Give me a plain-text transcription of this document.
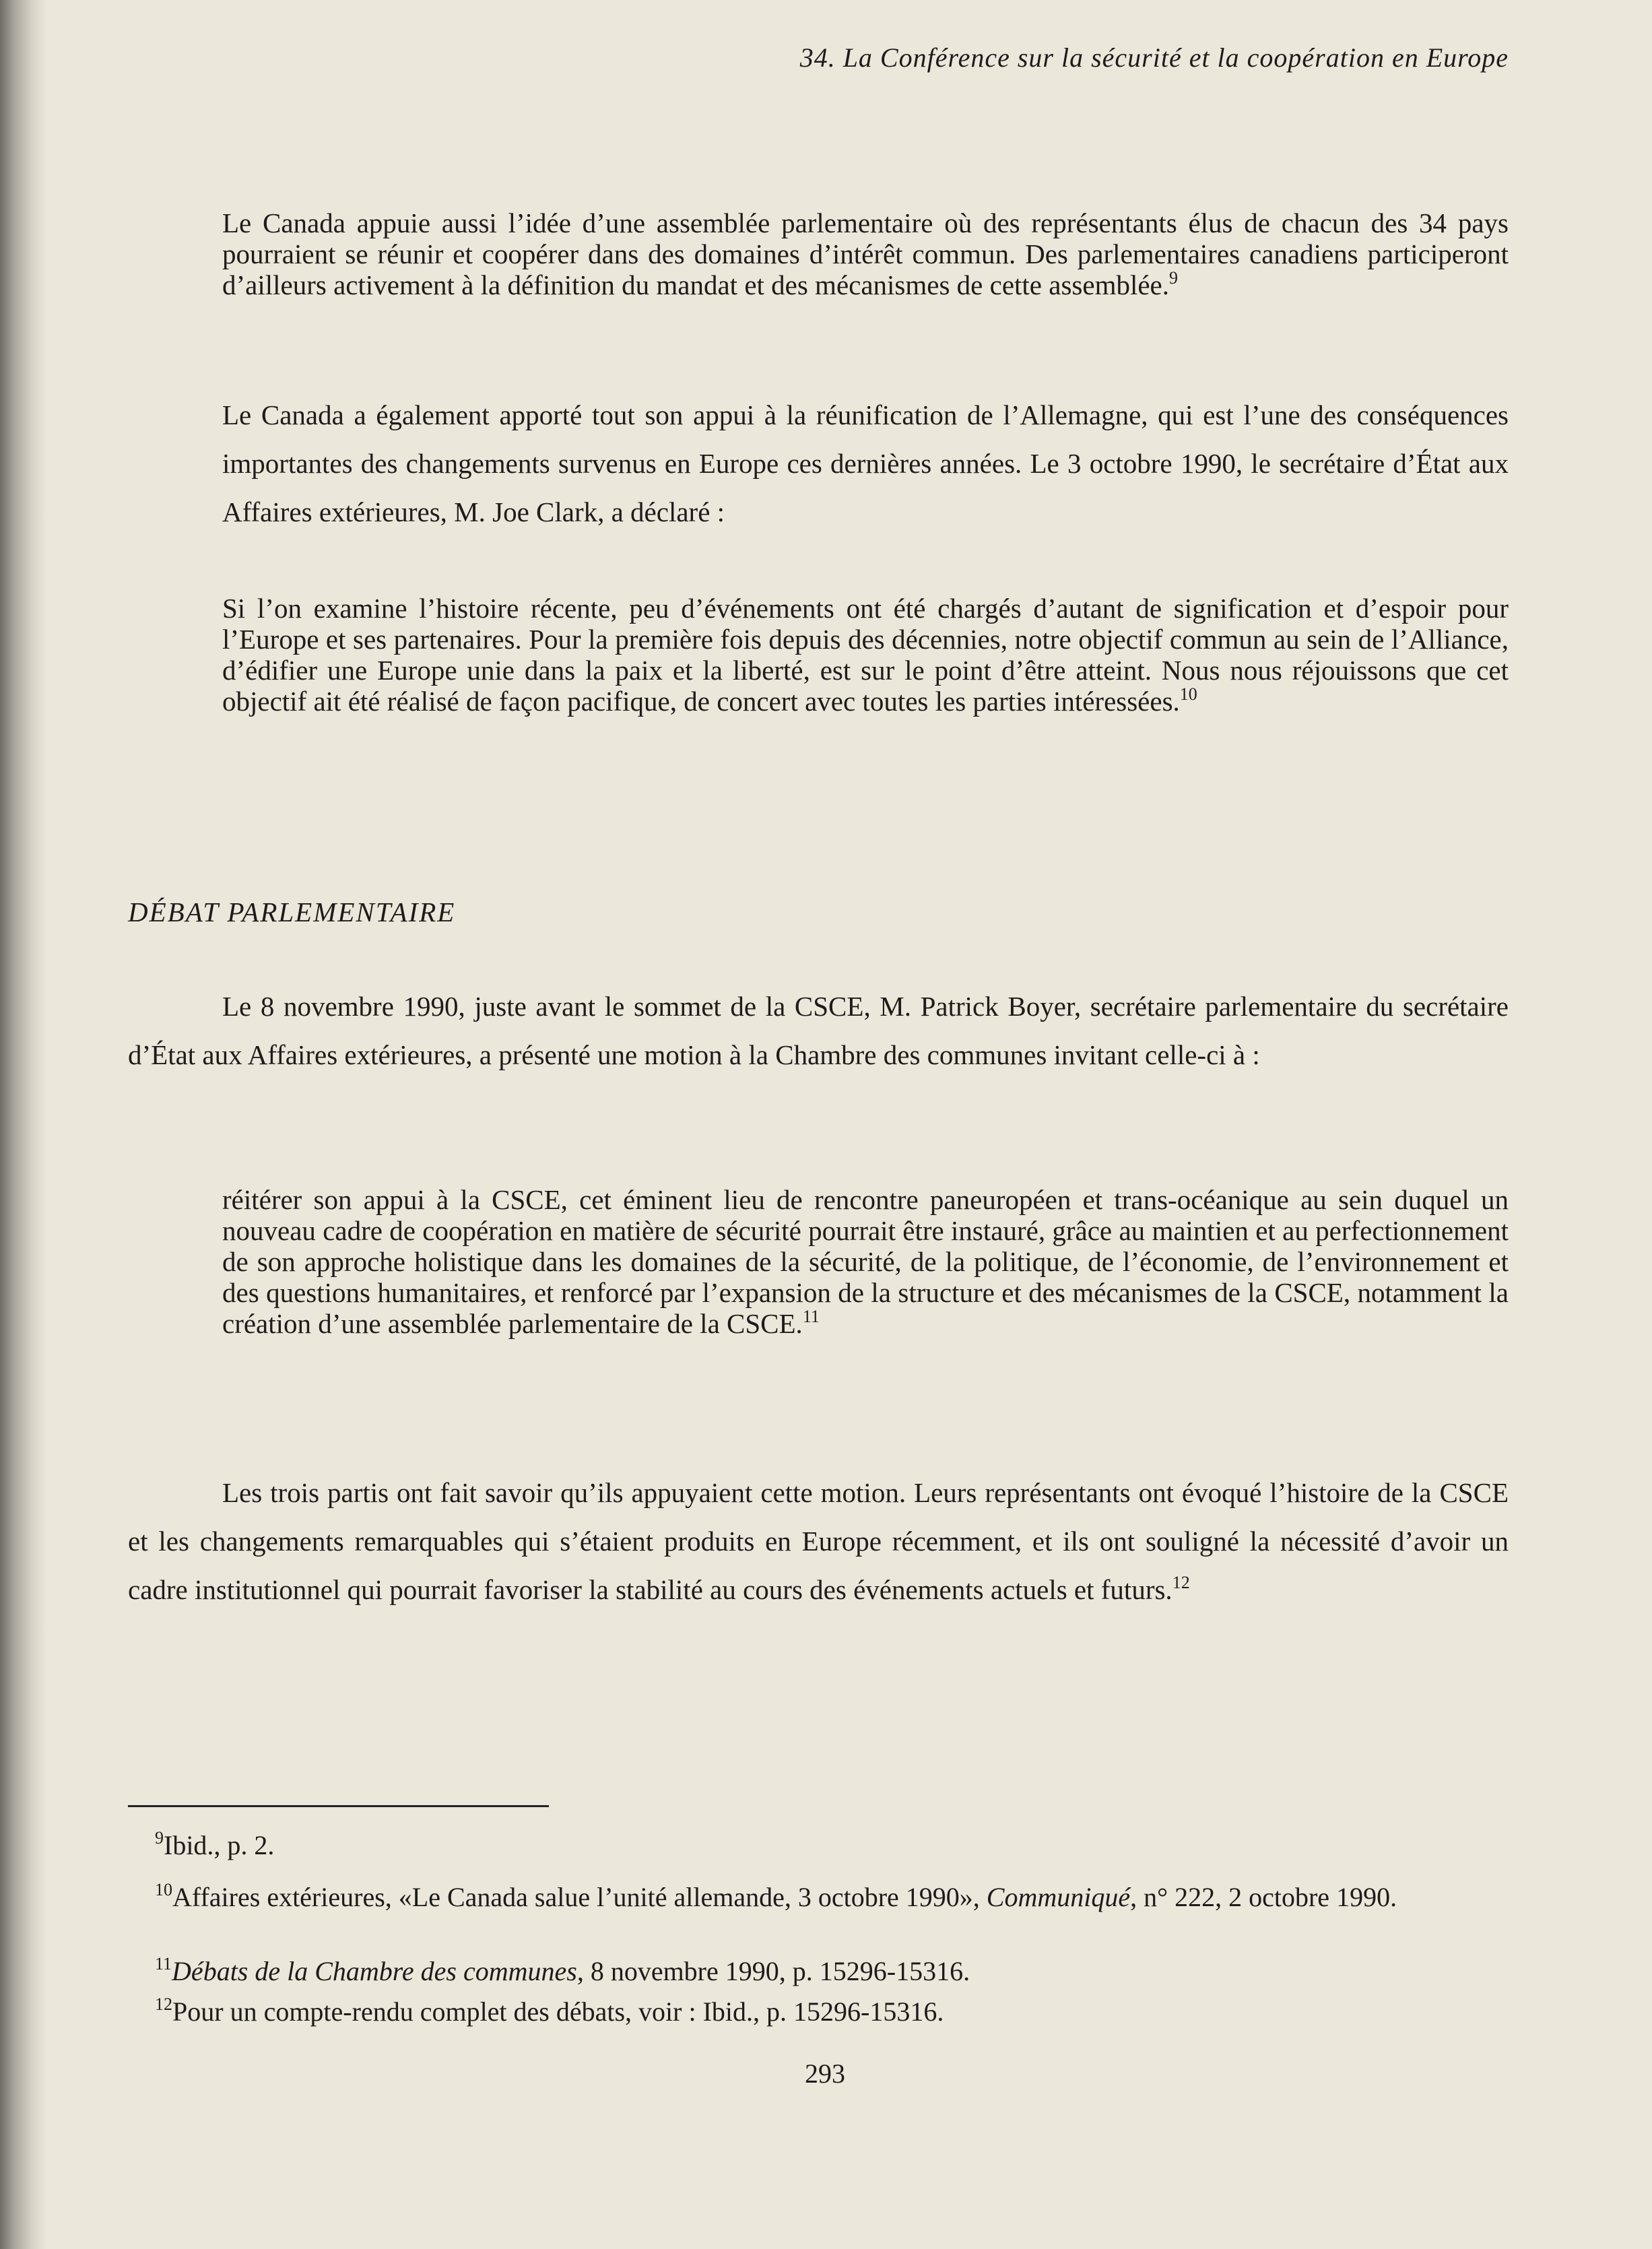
34. La Conférence sur la sécurité et la coopération en Europe

Le Canada appuie aussi l’idée d’une assemblée parlementaire où des représentants élus de chacun des 34 pays pourraient se réunir et coopérer dans des domaines d’intérêt commun. Des parlementaires canadiens participeront d’ailleurs activement à la définition du mandat et des mécanismes de cette assemblée.$^9$

Le Canada a également apporté tout son appui à la réunification de l’Allemagne, qui est l’une des conséquences importantes des changements survenus en Europe ces dernières années. Le 3 octobre 1990, le secrétaire d’État aux Affaires extérieures, M. Joe Clark, a déclaré :

Si l’on examine l’histoire récente, peu d’événements ont été chargés d’autant de signification et d’espoir pour l’Europe et ses partenaires. Pour la première fois depuis des décennies, notre objectif commun au sein de l’Alliance, d’édifier une Europe unie dans la paix et la liberté, est sur le point d’être atteint. Nous nous réjouissons que cet objectif ait été réalisé de façon pacifique, de concert avec toutes les parties intéressées.$^{10}$

DÉBAT PARLEMENTAIRE

Le 8 novembre 1990, juste avant le sommet de la CSCE, M. Patrick Boyer, secrétaire parlementaire du secrétaire d’État aux Affaires extérieures, a présenté une motion à la Chambre des communes invitant celle-ci à :

réitérer son appui à la CSCE, cet éminent lieu de rencontre paneuropéen et trans-océanique au sein duquel un nouveau cadre de coopération en matière de sécurité pourrait être instauré, grâce au maintien et au perfectionnement de son approche holistique dans les domaines de la sécurité, de la politique, de l’économie, de l’environnement et des questions humanitaires, et renforcé par l’expansion de la structure et des mécanismes de la CSCE, notamment la création d’une assemblée parlementaire de la CSCE.$^{11}$

Les trois partis ont fait savoir qu’ils appuyaient cette motion. Leurs représentants ont évoqué l’histoire de la CSCE et les changements remarquables qui s’étaient produits en Europe récemment, et ils ont souligné la nécessité d’avoir un cadre institutionnel qui pourrait favoriser la stabilité au cours des événements actuels et futurs.$^{12}$

$^9$Ibid., p. 2.

$^{10}$Affaires extérieures, «Le Canada salue l’unité allemande, 3 octobre 1990», Communiqué, n° 222, 2 octobre 1990.

$^{11}$Débats de la Chambre des communes, 8 novembre 1990, p. 15296-15316.

$^{12}$Pour un compte-rendu complet des débats, voir : Ibid., p. 15296-15316.

293
